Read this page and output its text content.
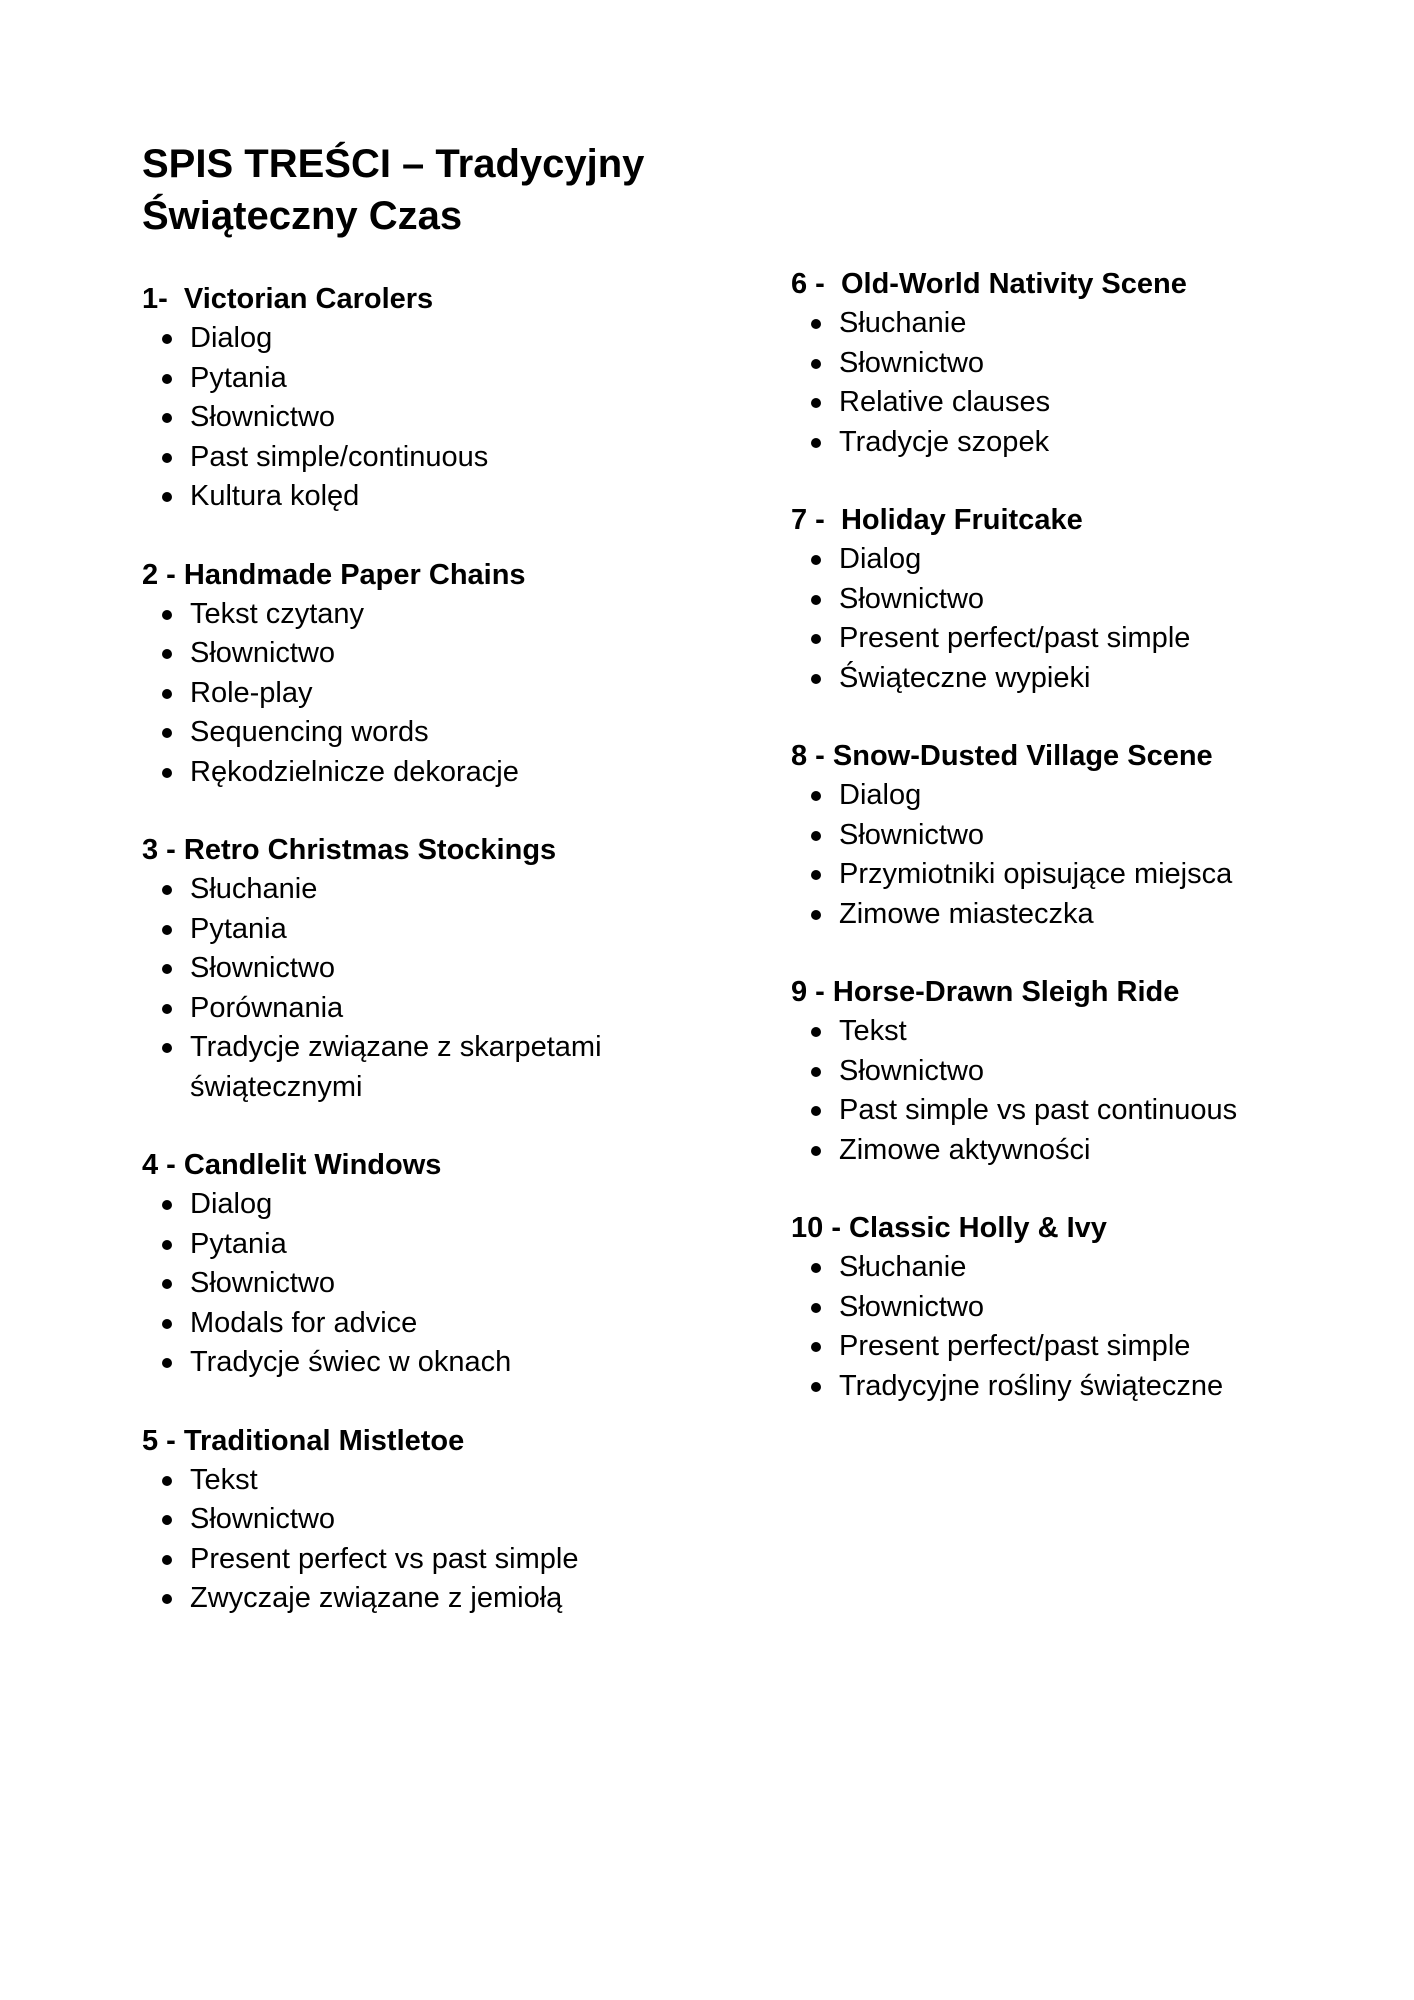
SPIS TREŚCI – Tradycyjny Świąteczny Czas
1-  Victorian Carolers
Dialog
Pytania
Słownictwo
Past simple/continuous
Kultura kolęd
2 - Handmade Paper Chains
Tekst czytany
Słownictwo
Role-play
Sequencing words
Rękodzielnicze dekoracje
3 - Retro Christmas Stockings
Słuchanie
Pytania
Słownictwo
Porównania
Tradycje związane z skarpetami świątecznymi
4 - Candlelit Windows
Dialog
Pytania
Słownictwo
Modals for advice
Tradycje świec w oknach
5 - Traditional Mistletoe
Tekst
Słownictwo
Present perfect vs past simple
Zwyczaje związane z jemiołą
6 -  Old-World Nativity Scene
Słuchanie
Słownictwo
Relative clauses
Tradycje szopek
7 -  Holiday Fruitcake
Dialog
Słownictwo
Present perfect/past simple
Świąteczne wypieki
8 - Snow-Dusted Village Scene
Dialog
Słownictwo
Przymiotniki opisujące miejsca
Zimowe miasteczka
9 - Horse-Drawn Sleigh Ride
Tekst
Słownictwo
Past simple vs past continuous
Zimowe aktywności
10 - Classic Holly & Ivy
Słuchanie
Słownictwo
Present perfect/past simple
Tradycyjne rośliny świąteczne
